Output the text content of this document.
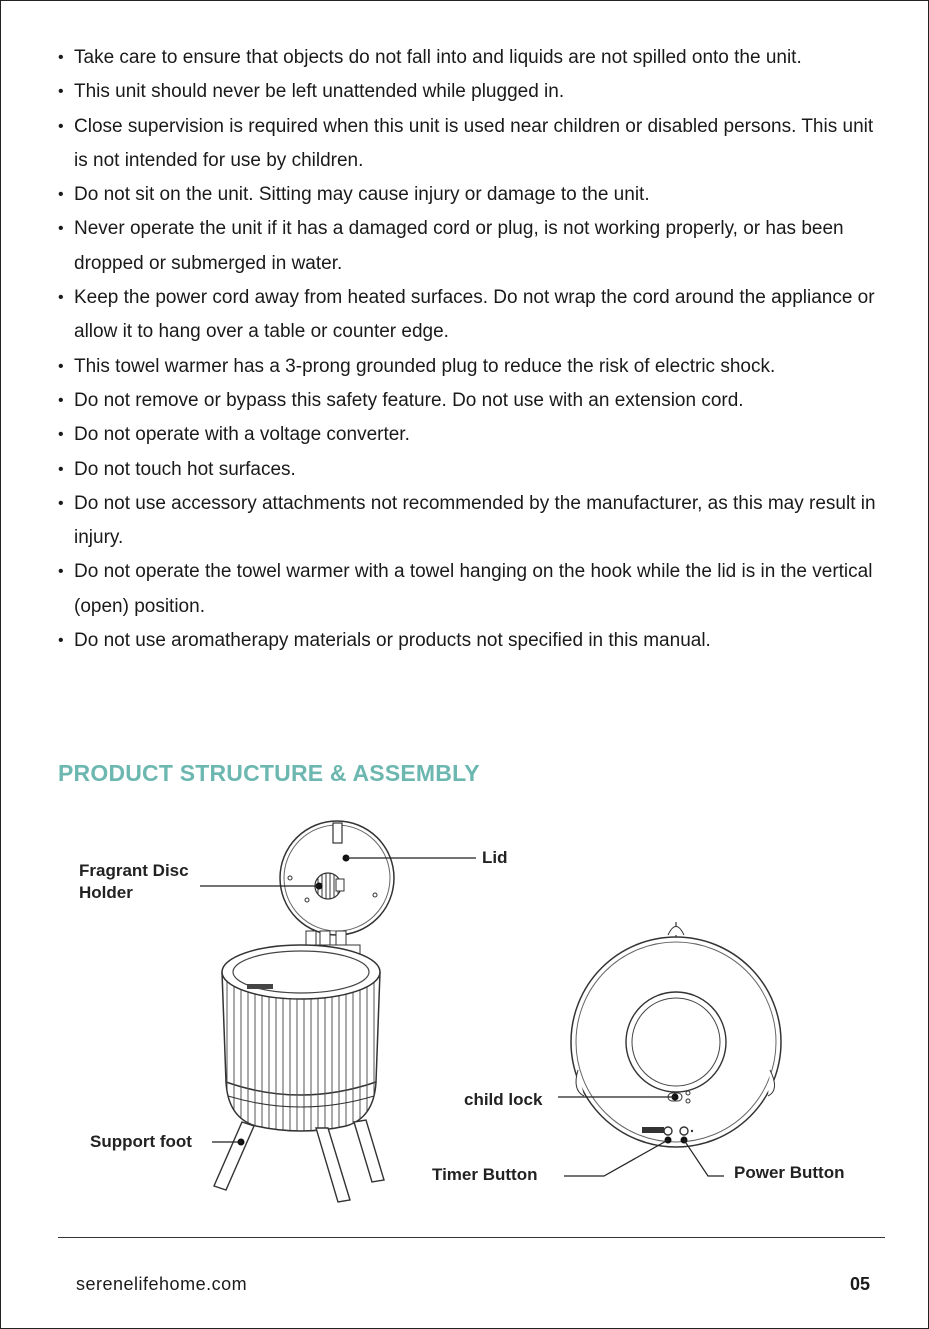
• Take care to ensure that objects do not fall into and liquids are not spilled onto the unit.
• This unit should never be left unattended while plugged in.
• Close supervision is required when this unit is used near children or disabled persons. This unit is not intended for use by children.
• Do not sit on the unit. Sitting may cause injury or damage to the unit.
• Never operate the unit if it has a damaged cord or plug, is not working properly, or has been dropped or submerged in water.
• Keep the power cord away from heated surfaces. Do not wrap the cord around the appliance or allow it to hang over a table or counter edge.
• This towel warmer has a 3-prong grounded plug to reduce the risk of electric shock.
• Do not remove or bypass this safety feature. Do not use with an extension cord.
• Do not operate with a voltage converter.
• Do not touch hot surfaces.
• Do not use accessory attachments not recommended by the manufacturer, as this may result in injury.
• Do not operate the towel warmer with a towel hanging on the hook while the lid is in the vertical (open) position.
• Do not use aromatherapy materials or products not specified in this manual.
PRODUCT STRUCTURE & ASSEMBLY
Fragrant Disc
Holder
Lid
Support foot
child lock
Timer Button	Power Button
serenelifehome.com	05
